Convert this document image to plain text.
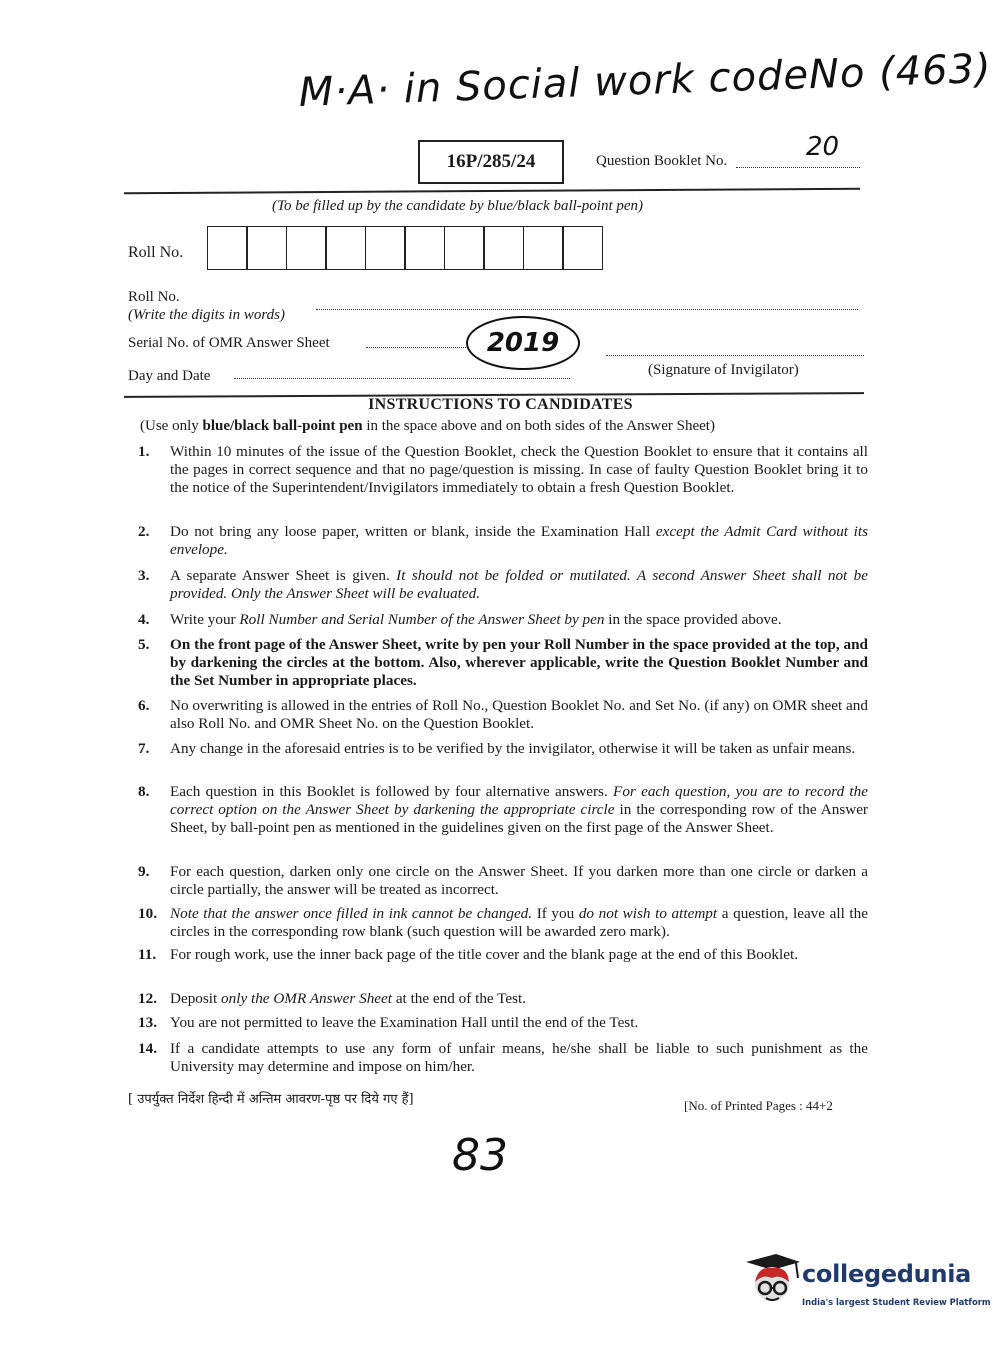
M·A· in Social work codeNo (463)
16P/285/24	Question Booklet No.	20
(To be filled up by the candidate by blue/black ball-point pen)
Roll No.
Roll No.
(Write the digits in words)
Serial No. of OMR Answer Sheet	2019
(Signature of Invigilator)
Day and Date
INSTRUCTIONS TO CANDIDATES
(Use only blue/black ball-point pen in the space above and on both sides of the Answer Sheet)
1.	Within 10 minutes of the issue of the Question Booklet, check the Question Booklet to ensure that it contains all the pages in correct sequence and that no page/question is missing. In case of faulty Question Booklet bring it to the notice of the Superintendent/Invigilators immediately to obtain a fresh Question Booklet.
2.	Do not bring any loose paper, written or blank, inside the Examination Hall except the Admit Card without its envelope.
3.	A separate Answer Sheet is given. It should not be folded or mutilated. A second Answer Sheet shall not be provided. Only the Answer Sheet will be evaluated.
4.	Write your Roll Number and Serial Number of the Answer Sheet by pen in the space provided above.
5.	On the front page of the Answer Sheet, write by pen your Roll Number in the space provided at the top, and by darkening the circles at the bottom. Also, wherever applicable, write the Question Booklet Number and the Set Number in appropriate places.
6.	No overwriting is allowed in the entries of Roll No., Question Booklet No. and Set No. (if any) on OMR sheet and also Roll No. and OMR Sheet No. on the Question Booklet.
7.	Any change in the aforesaid entries is to be verified by the invigilator, otherwise it will be taken as unfair means.
8.	Each question in this Booklet is followed by four alternative answers. For each question, you are to record the correct option on the Answer Sheet by darkening the appropriate circle in the corresponding row of the Answer Sheet, by ball-point pen as mentioned in the guidelines given on the first page of the Answer Sheet.
9.	For each question, darken only one circle on the Answer Sheet. If you darken more than one circle or darken a circle partially, the answer will be treated as incorrect.
10. Note that the answer once filled in ink cannot be changed. If you do not wish to attempt a question, leave all the circles in the corresponding row blank (such question will be awarded zero mark).
11. For rough work, use the inner back page of the title cover and the blank page at the end of this Booklet.
12. Deposit only the OMR Answer Sheet at the end of the Test.
13. You are not permitted to leave the Examination Hall until the end of the Test.
14. If a candidate attempts to use any form of unfair means, he/she shall be liable to such punishment as the University may determine and impose on him/her.
[ उपर्युक्त निर्देश हिन्दी में अन्तिम आवरण-पृष्ठ पर दिये गए हैं]	[No. of Printed Pages : 44+2
83
collegedunia
India's largest Student Review Platform
